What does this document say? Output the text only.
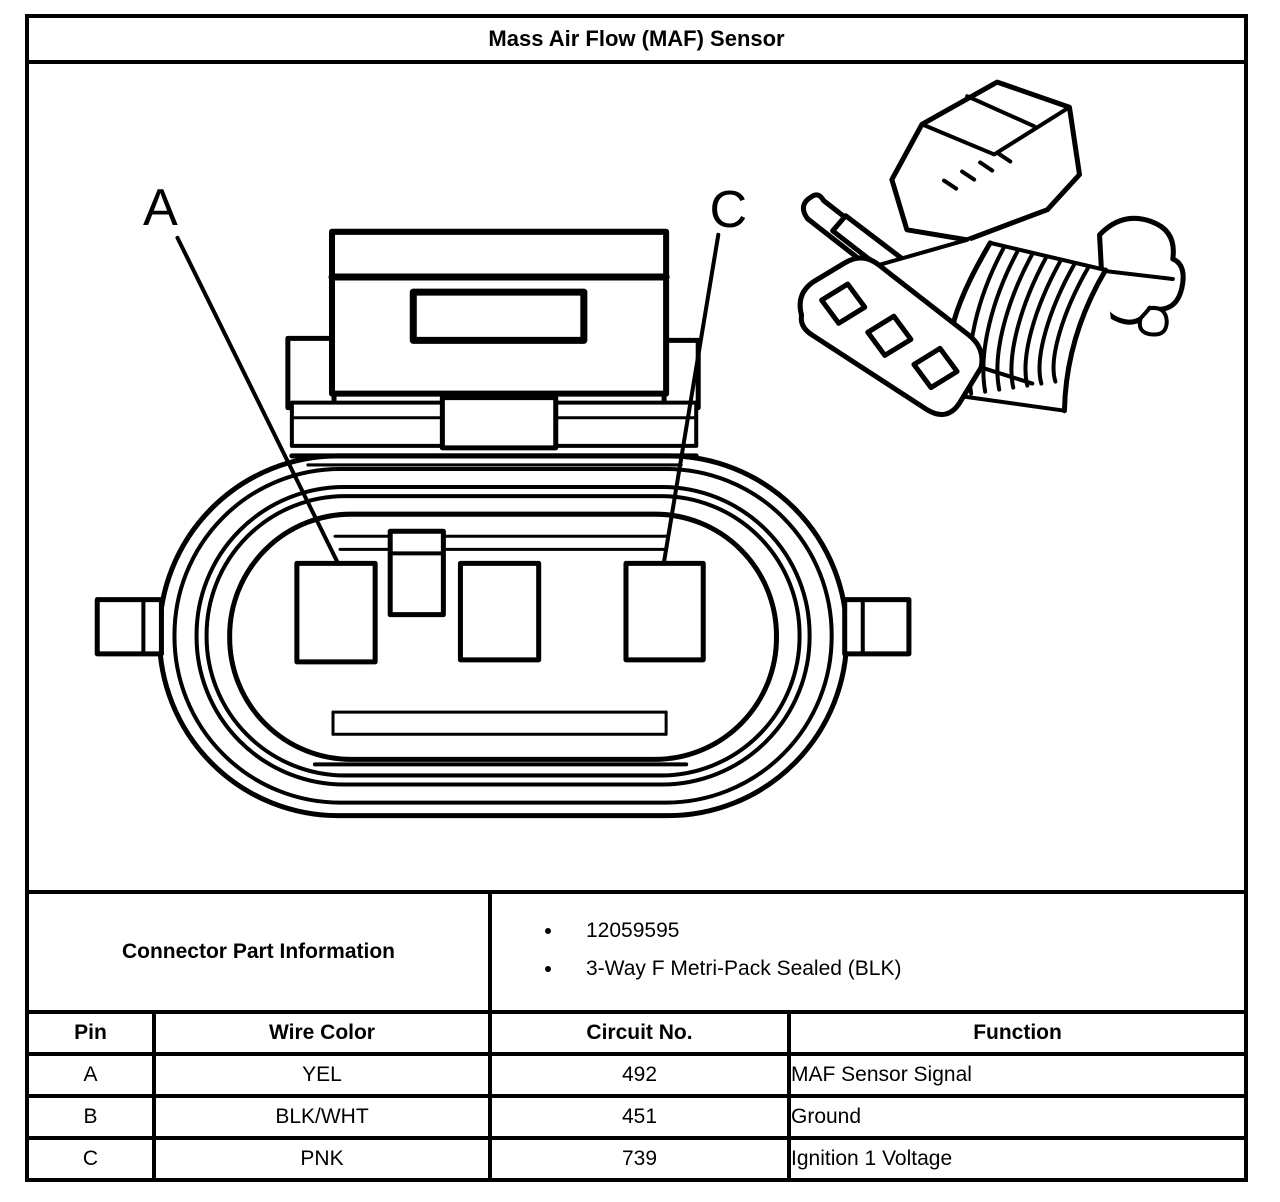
Mass Air Flow (MAF) Sensor			

A C			

Connector Part Information	
• 12059595
• 3-Way F Metri-Pack Sealed (BLK)

Pin	Wire Color	Circuit No.	Function
A	YEL	492	MAF Sensor Signal
B	BLK/WHT	451	Ground
C	PNK	739	Ignition 1 Voltage
